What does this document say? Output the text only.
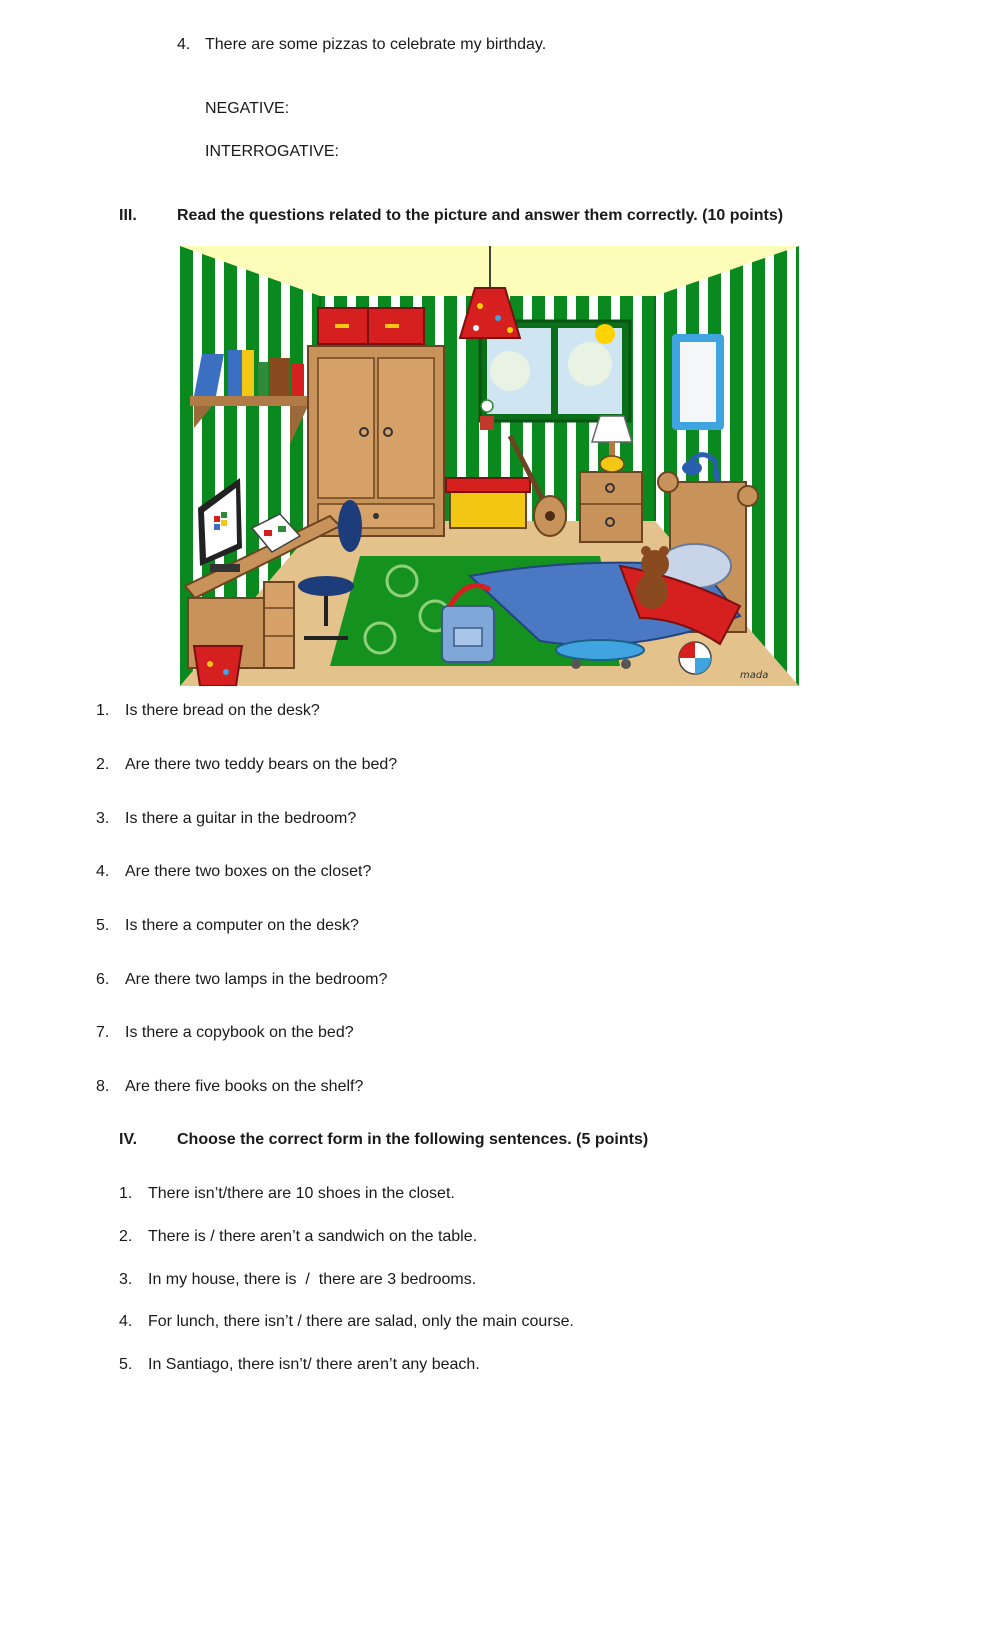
4. There are some pizzas to celebrate my birthday.
NEGATIVE:
INTERROGATIVE:
III.	Read the questions related to the picture and answer them correctly. (10 points)
mada
1. Is there bread on the desk?
2. Are there two teddy bears on the bed?
3. Is there a guitar in the bedroom?
4. Are there two boxes on the closet?
5. Is there a computer on the desk?
6. Are there two lamps in the bedroom?
7. Is there a copybook on the bed?
8. Are there five books on the shelf?
IV. Choose the correct form in the following sentences. (5 points)
1. There isn’t/there are 10 shoes in the closet.
2. There is / there aren’t a sandwich on the table.
3. In my house, there is  /  there are 3 bedrooms.
4. For lunch, there isn’t / there are salad, only the main course.
5. In Santiago, there isn’t/ there aren’t any beach.
